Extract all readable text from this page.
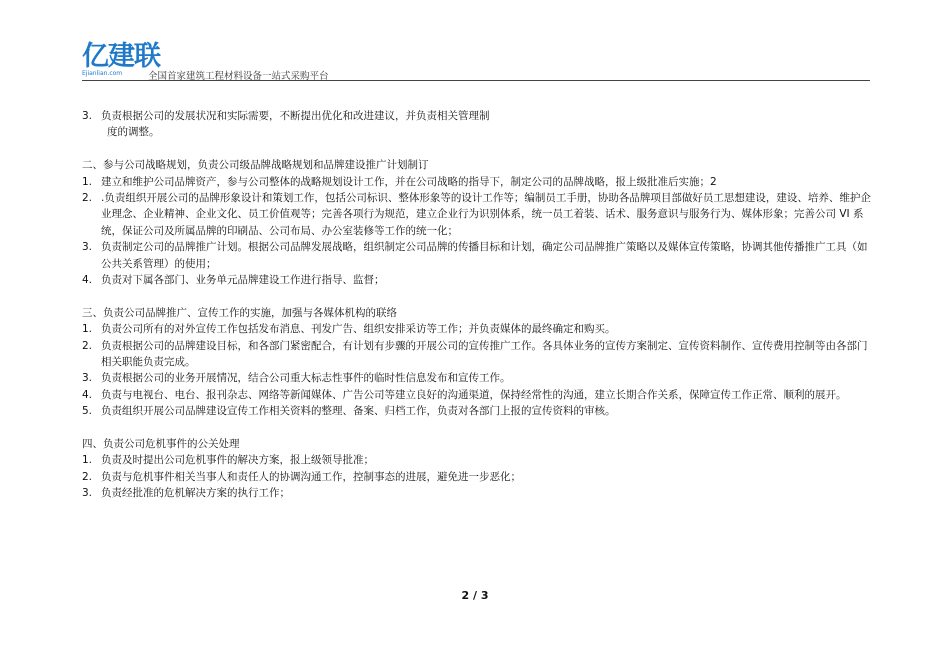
亿建联
Ejianlian.com	全国首家建筑工程材料设备一站式采购平台
3. 负责根据公司的发展状况和实际需要，不断提出优化和改进建议，并负责相关管理制
度的调整。
二、参与公司战略规划，负责公司级品牌战略规划和品牌建设推广计划制订
1. 建立和维护公司品牌资产，参与公司整体的战略规划设计工作，并在公司战略的指导下，制定公司的品牌战略，报上级批准后实施；2
2. .负责组织开展公司的品牌形象设计和策划工作，包括公司标识、整体形象等的设计工作等；编制员工手册，协助各品牌项目部做好员工思想建设，建设、培养、维护企业理念、企业精神、企业文化、员工价值观等；完善各项行为规范，建立企业行为识别体系，统一员工着装、话术、服务意识与服务行为、媒体形象；完善公司 VI 系统，保证公司及所属品牌的印刷品、公司布局、办公室装修等工作的统一化；
3. 负责制定公司的品牌推广计划。根据公司品牌发展战略，组织制定公司品牌的传播目标和计划，确定公司品牌推广策略以及媒体宣传策略，协调其他传播推广工具（如公共关系管理）的使用；
4. 负责对下属各部门、业务单元品牌建设工作进行指导、监督；
三、负责公司品牌推广、宣传工作的实施，加强与各媒体机构的联络
1. 负责公司所有的对外宣传工作包括发布消息、刊发广告、组织安排采访等工作；并负责媒体的最终确定和购买。
2. 负责根据公司的品牌建设目标，和各部门紧密配合，有计划有步骤的开展公司的宣传推广工作。各具体业务的宣传方案制定、宣传资料制作、宣传费用控制等由各部门相关职能负责完成。
3. 负责根据公司的业务开展情况，结合公司重大标志性事件的临时性信息发布和宣传工作。
4. 负责与电视台、电台、报刊杂志、网络等新闻媒体、广告公司等建立良好的沟通渠道，保持经常性的沟通，建立长期合作关系，保障宣传工作正常、顺利的展开。
5. 负责组织开展公司品牌建设宣传工作相关资料的整理、备案、归档工作，负责对各部门上报的宣传资料的审核。
四、负责公司危机事件的公关处理
1. 负责及时提出公司危机事件的解决方案，报上级领导批准；
2. 负责与危机事件相关当事人和责任人的协调沟通工作，控制事态的进展，避免进一步恶化；
3. 负责经批准的危机解决方案的执行工作；
2 / 3
